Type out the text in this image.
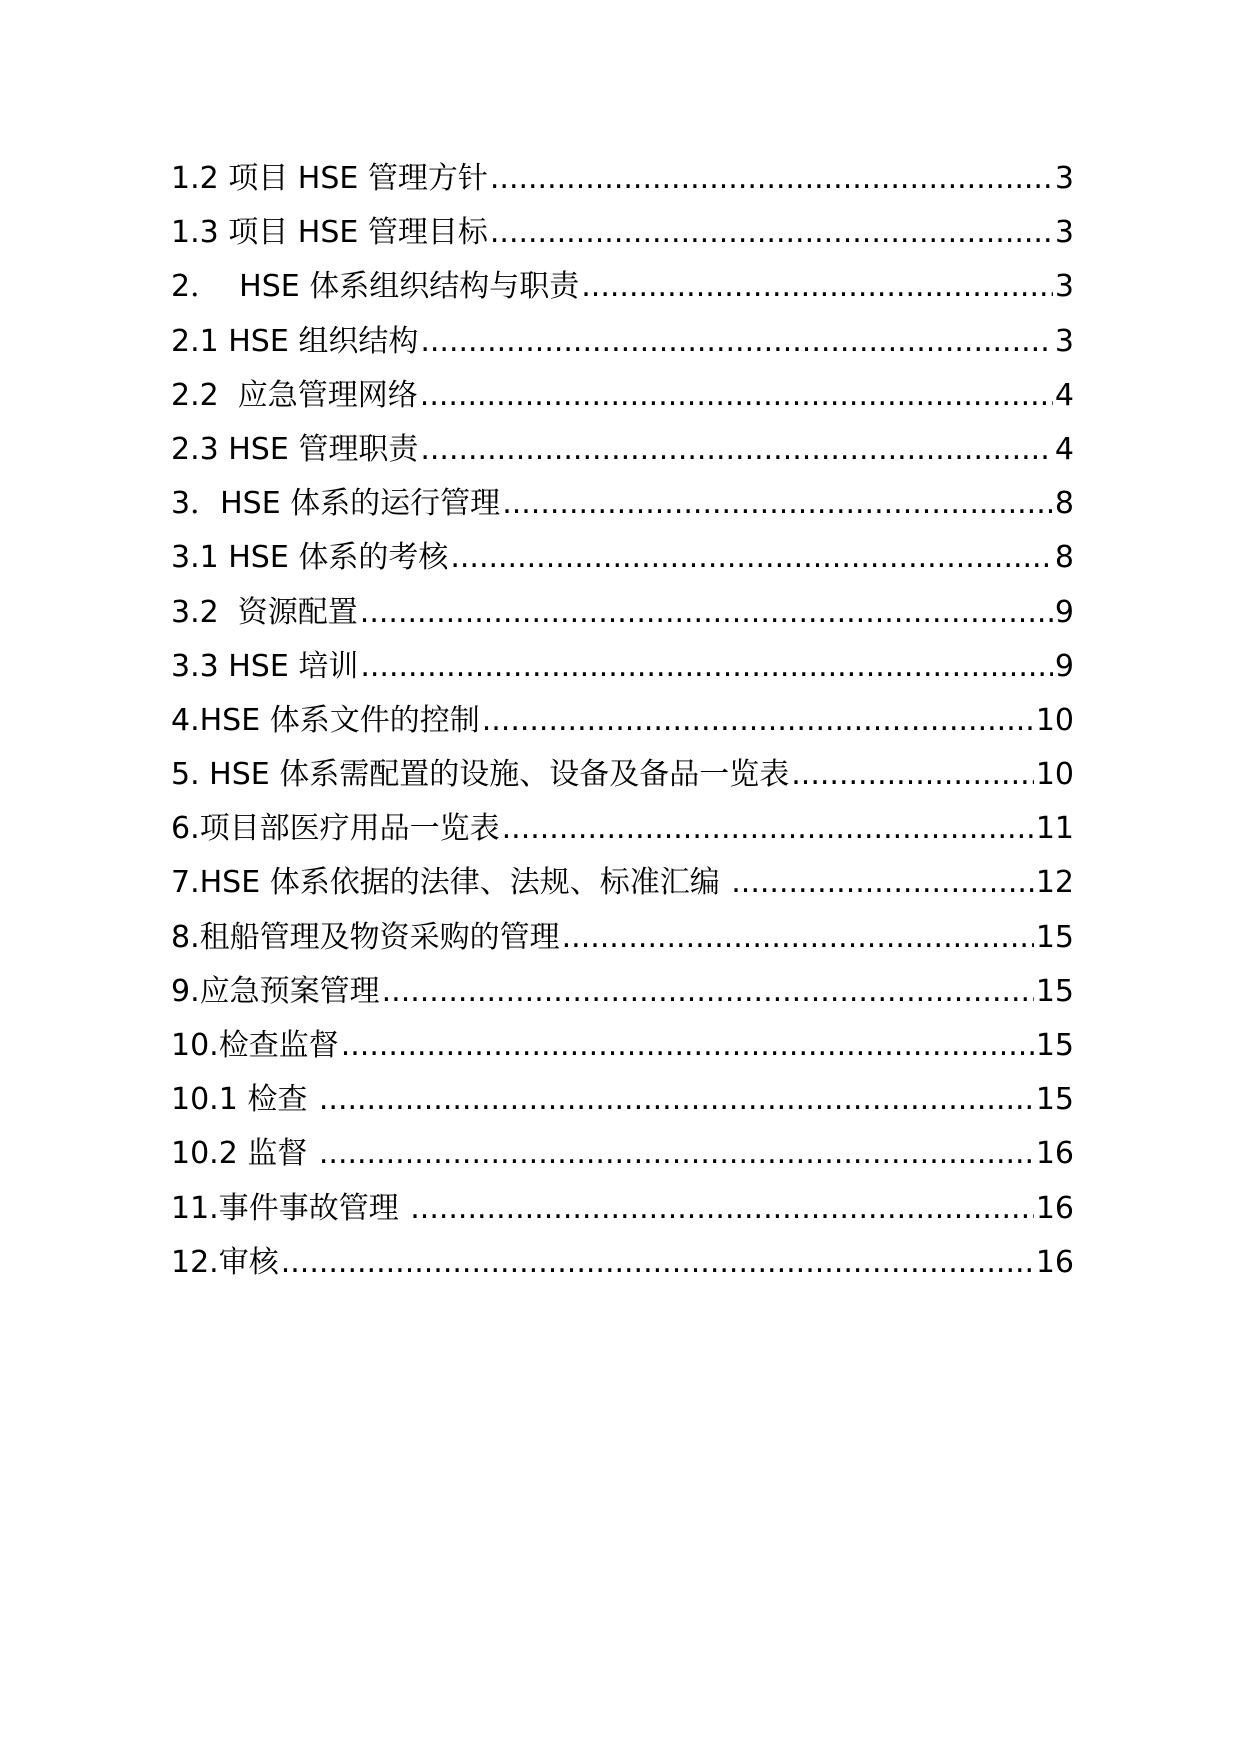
1.2 项目 HSE 管理方针 .....	3
1.3 项目 HSE 管理目标 .....	3
2．  HSE 体系组织结构与职责 .....	3
2.1 HSE 组织结构 .....	3
2.2  应急管理网络 .....	4
2.3 HSE 管理职责 .....	4
3．HSE 体系的运行管理 .....	8
3.1 HSE 体系的考核 .....	8
3.2  资源配置 .....	9
3.3 HSE 培训 .....	9
4.HSE 体系文件的控制 .....	10
5. HSE 体系需配置的设施、设备及备品一览表 .....	10
6.项目部医疗用品一览表 .....	11
7.HSE 体系依据的法律、法规、标准汇编 .....	12
8.租船管理及物资采购的管理 .....	15
9.应急预案管理 .....	15
10.检查监督 .....	15
10.1 检查 .....	15
10.2 监督 .....	16
11.事件事故管理 .....	16
12.审核 .....	16
